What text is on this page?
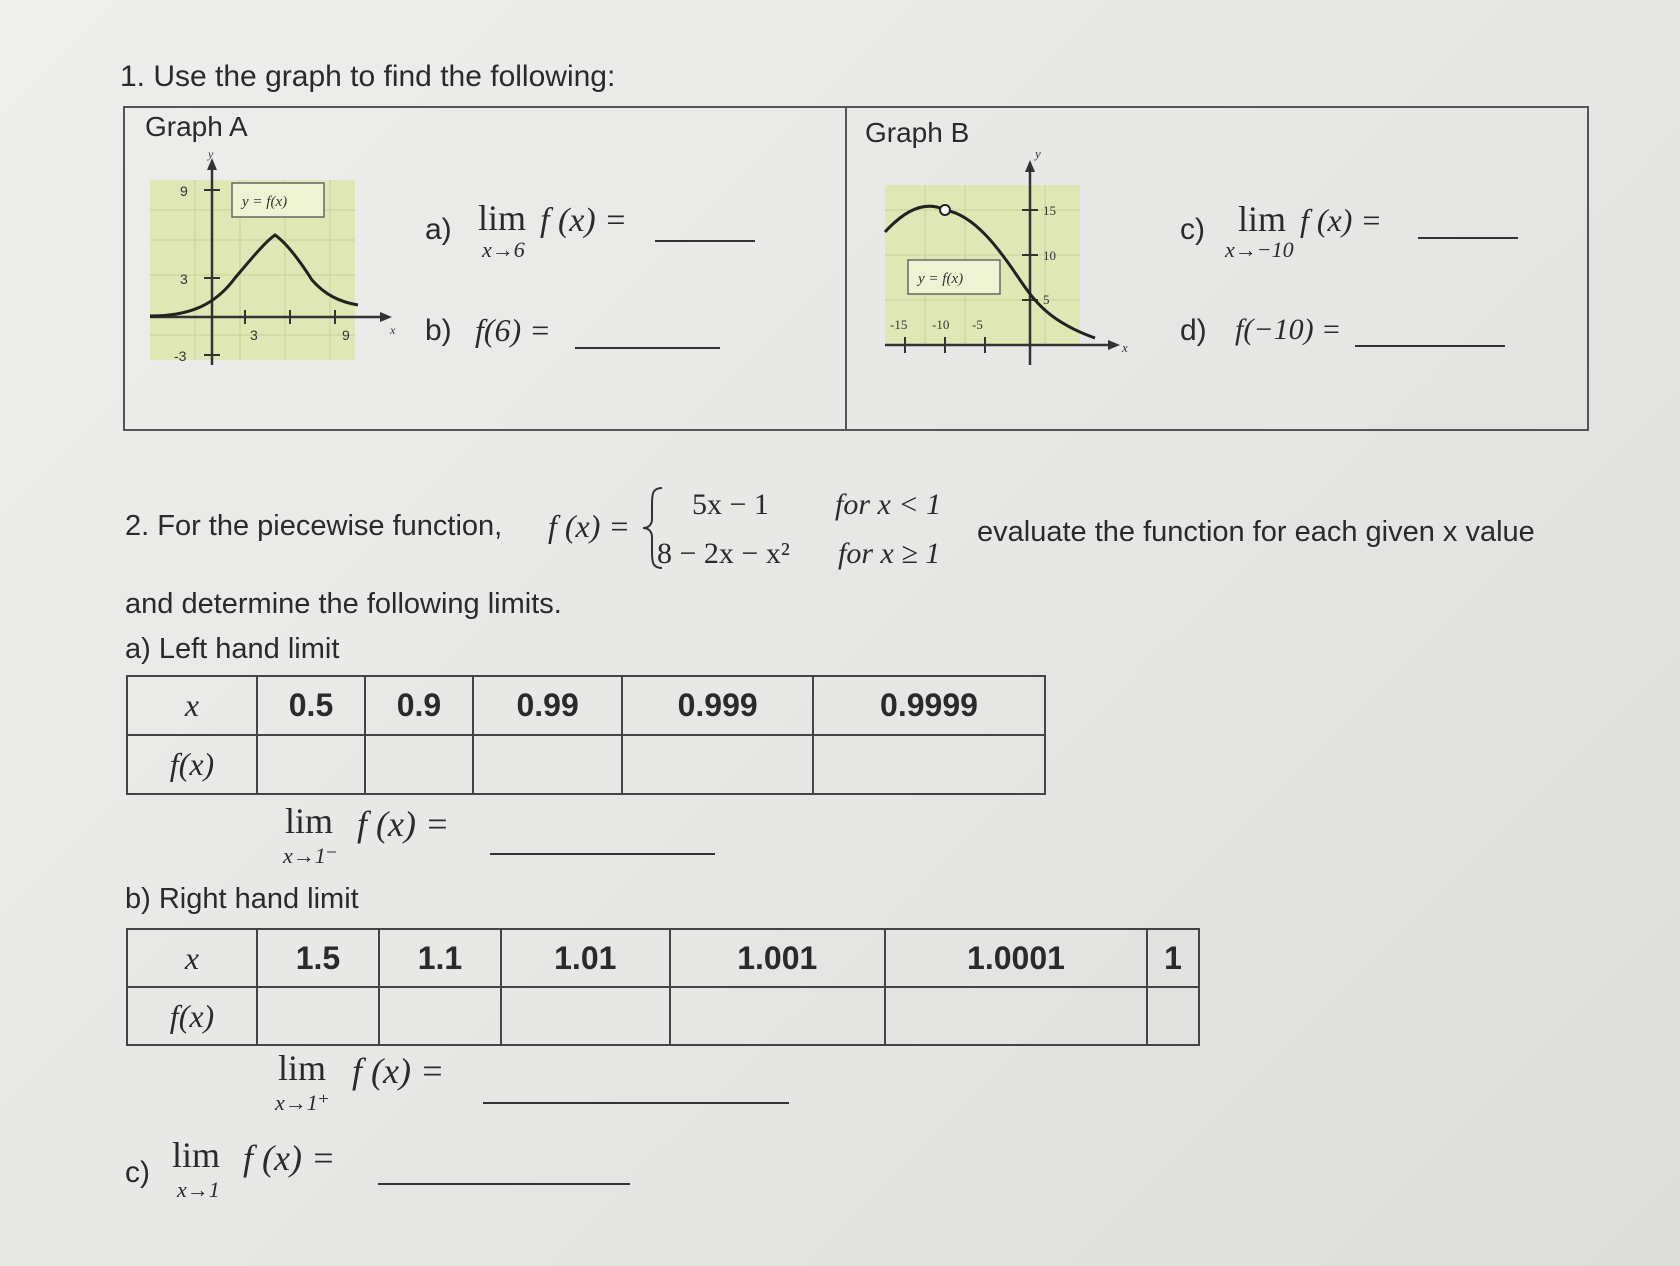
1. Use the graph to find the following:
Graph A	Graph B
9
3
-3
3	9
y
x
y = f(x)
a) lim
x→6
f (x) =
b) f(6) =
15
10
5
-15 -10 -5
y
x
y = f(x)
c) lim
x→−10
f (x) =
d) f(−10) =
2. For the piecewise function, f (x) =
5x − 1 for x < 1
8 − 2x − x² for x ≥ 1
evaluate the function for each given x value
and determine the following limits.
a) Left hand limit
x	0.5	0.9	0.99	0.999	0.9999
f(x)					
lim
x→1⁻
f (x) =
b) Right hand limit
x	1.5	1.1	1.01	1.001	1.0001	1
f(x)						
lim
x→1⁺
f (x) =
c) lim
x→1
f (x) =
